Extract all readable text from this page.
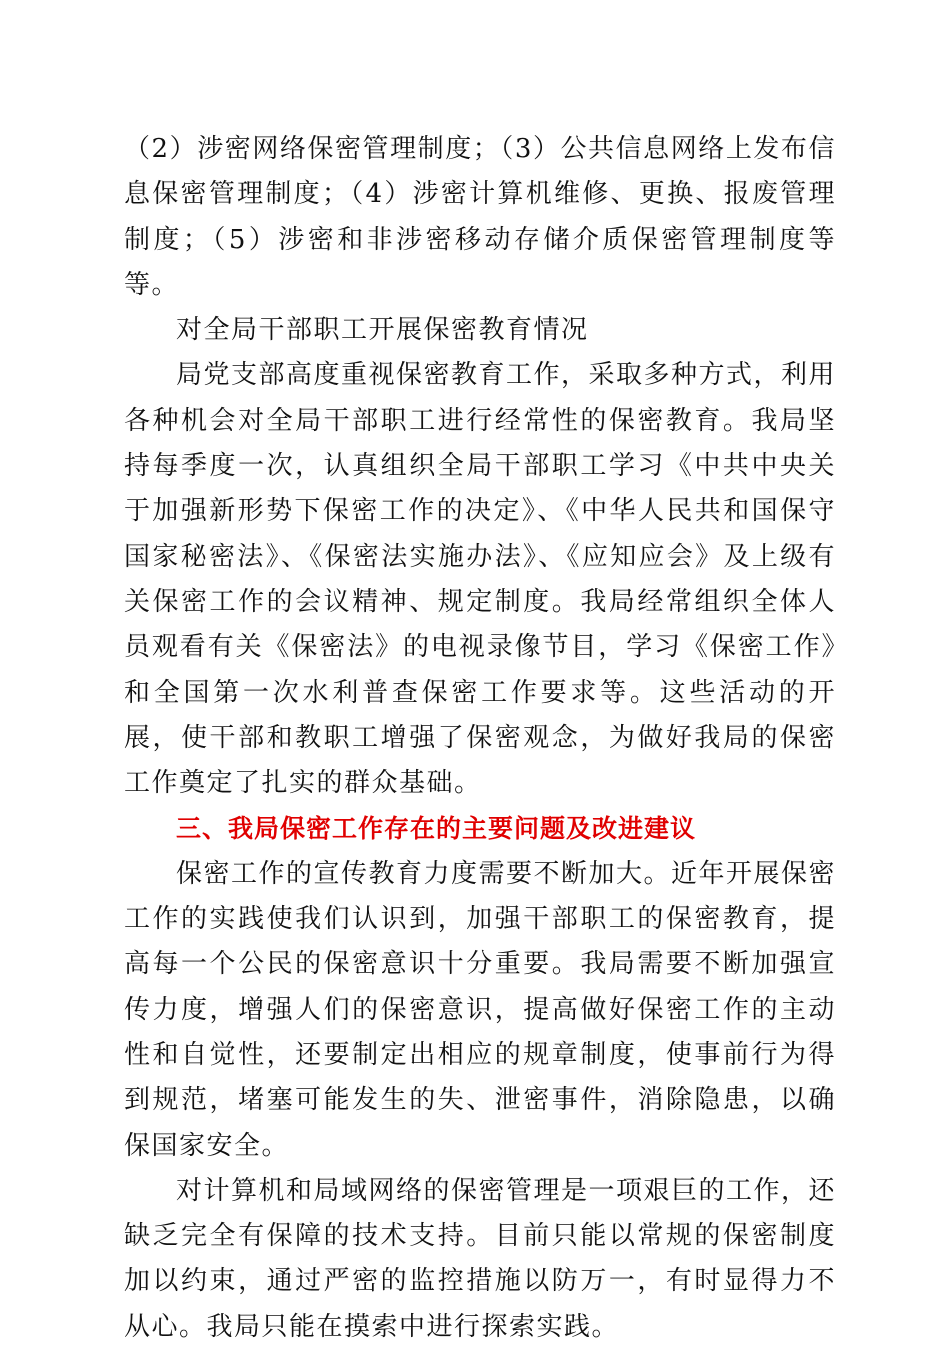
（2）涉密网络保密管理制度；（3）公共信息网络上发布信息保密管理制度；（4）涉密计算机维修、更换、报废管理制度；（5）涉密和非涉密移动存储介质保密管理制度等等。

对全局干部职工开展保密教育情况

局党支部高度重视保密教育工作，采取多种方式，利用各种机会对全局干部职工进行经常性的保密教育。我局坚持每季度一次，认真组织全局干部职工学习《中共中央关于加强新形势下保密工作的决定》、《中华人民共和国保守国家秘密法》、《保密法实施办法》、《应知应会》及上级有关保密工作的会议精神、规定制度。我局经常组织全体人员观看有关《保密法》的电视录像节目，学习《保密工作》和全国第一次水利普查保密工作要求等。这些活动的开展，使干部和教职工增强了保密观念，为做好我局的保密工作奠定了扎实的群众基础。

三、我局保密工作存在的主要问题及改进建议

保密工作的宣传教育力度需要不断加大。近年开展保密工作的实践使我们认识到，加强干部职工的保密教育，提高每一个公民的保密意识十分重要。我局需要不断加强宣传力度，增强人们的保密意识，提高做好保密工作的主动性和自觉性，还要制定出相应的规章制度，使事前行为得到规范，堵塞可能发生的失、泄密事件，消除隐患，以确保国家安全。

对计算机和局域网络的保密管理是一项艰巨的工作，还缺乏完全有保障的技术支持。目前只能以常规的保密制度加以约束，通过严密的监控措施以防万一，有时显得力不从心。我局只能在摸索中进行探索实践。
